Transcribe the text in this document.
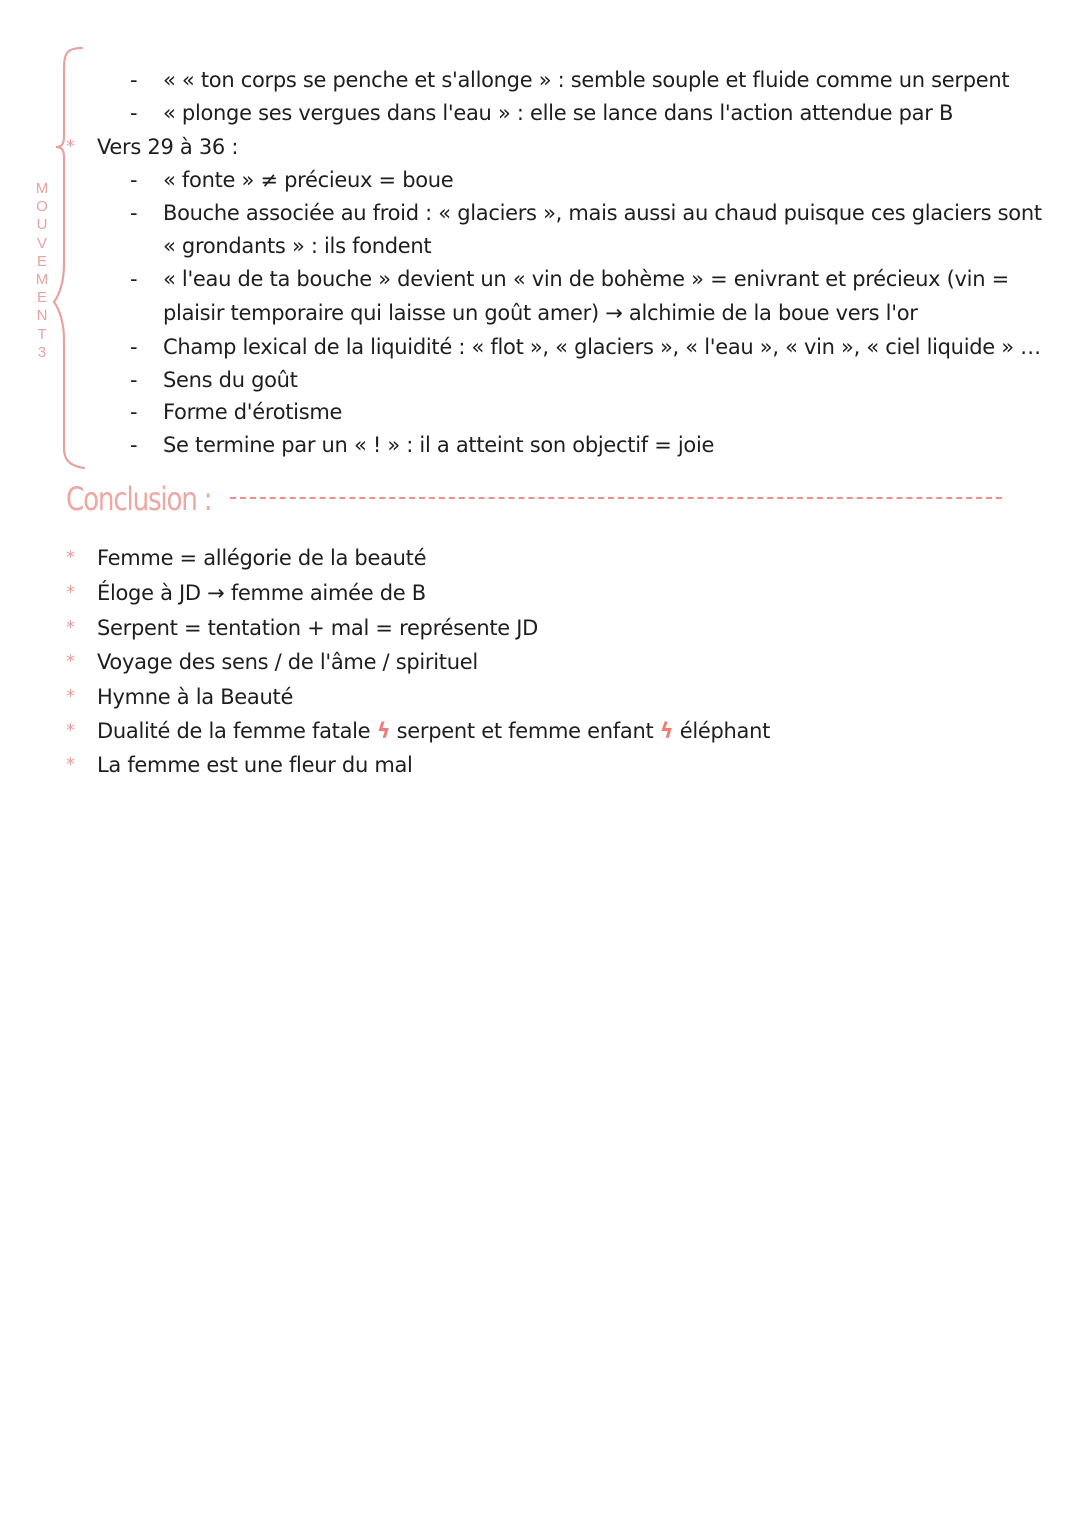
M
O
U
V
E
M
E
N
T
3
-	« « ton corps se penche et s'allonge » : semble souple et fluide comme un serpent
-	« plonge ses vergues dans l'eau » : elle se lance dans l'action attendue par B
* Vers 29 à 36 :
-	« fonte » ≠ précieux = boue
-	Bouche associée au froid : « glaciers », mais aussi au chaud puisque ces glaciers sont
« grondants » : ils fondent
-	« l'eau de ta bouche » devient un « vin de bohème » = enivrant et précieux (vin =
plaisir temporaire qui laisse un goût amer) → alchimie de la boue vers l'or
-	Champ lexical de la liquidité : « flot », « glaciers », « l'eau », « vin », « ciel liquide » …
-	Sens du goût
-	Forme d'érotisme
-	Se termine par un « ! » : il a atteint son objectif = joie
Conclusion :
* Femme = allégorie de la beauté
* Éloge à JD → femme aimée de B
* Serpent = tentation + mal = représente JD
* Voyage des sens / de l'âme / spirituel
* Hymne à la Beauté
* Dualité de la femme fatale ϟ serpent et femme enfant ϟ éléphant
* La femme est une fleur du mal
